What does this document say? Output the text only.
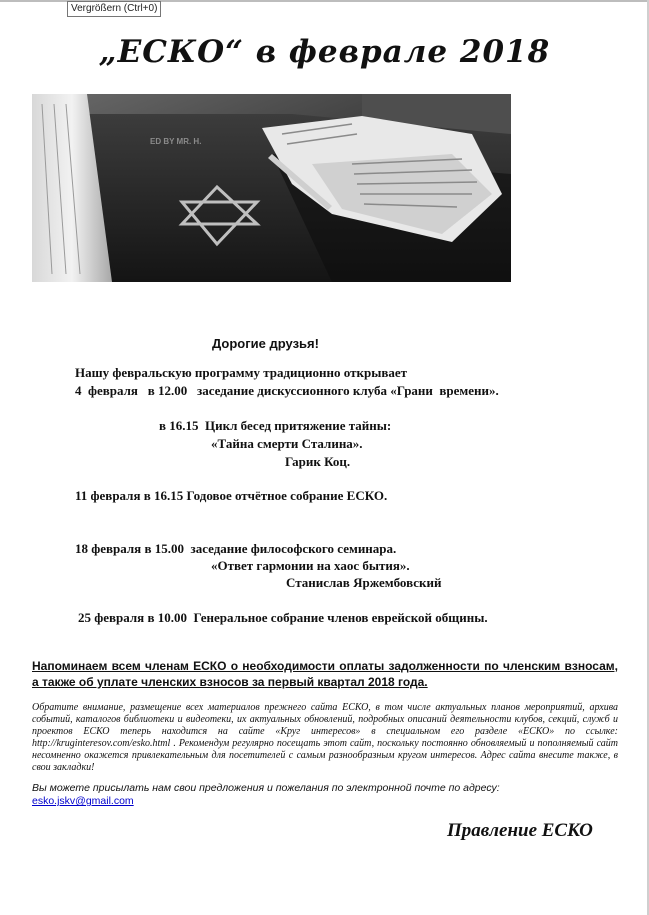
Vergrößern (Ctrl+0)
„ЕСКО“ в феврале 2018
ED BY MR. H.
Дорогие друзья!
Нашу февральскую программу традиционно открывает
4  февраля   в 12.00   заседание дискуссионного клуба «Грани  времени».
в 16.15  Цикл бесед притяжение тайны:
«Тайна смерти Сталина».
Гарик Коц.
11 февраля в 16.15 Годовое отчётное собрание ЕСКО.
18 февраля в 15.00  заседание философского семинара.
«Ответ гармонии на хаос бытия».
Станислав Яржембовский
25 февраля в 10.00  Генеральное собрание членов еврейской общины.
Напоминаем всем членам ЕСКО о необходимости оплаты задолженности по членским взносам, а также об уплате членских взносов за первый квартал 2018 года.
Обратите внимание, размещение всех материалов прежнего сайта ЕСКО, в том числе актуальных планов мероприятий, архива событий, каталогов библиотеки и видеотеки, их актуальных обновлений, подробных описаний деятельности клубов, секций, служб и проектов ЕСКО теперь находится на сайте «Круг интересов» в специальном его разделе «ЕСКО» по ссылке: http://kruginteresov.com/esko.html . Рекомендум регулярно посещать этот сайт, поскольку постоянно обновляемый и пополняемый сайт несомненно окажется привлекательным для посетителей с самым разнообразным кругом интересов. Адрес сайта внесите также, в свои закладки!
Вы можете присылать нам свои предложения и пожелания по электронной почте по адресу:
esko.jskv@gmail.com
Правление ЕСКО
